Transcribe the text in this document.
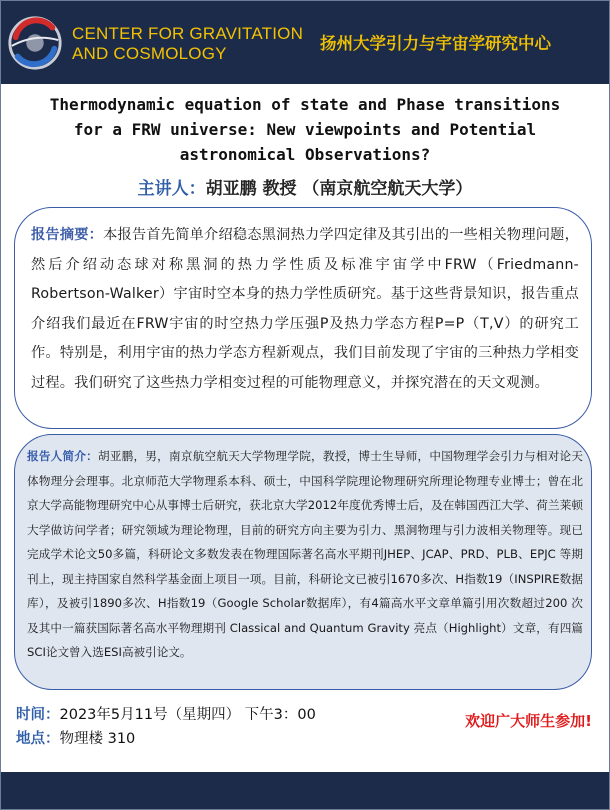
CENTER FOR GRAVITATION
AND COSMOLOGY
扬州大学引力与宇宙学研究中心
Thermodynamic equation of state and Phase transitions
for a FRW universe: New viewpoints and Potential
astronomical Observations?
主讲人：胡亚鹏 教授 （南京航空航天大学）
报告摘要：本报告首先简单介绍稳态黑洞热力学四定律及其引出的一些相关物理问题，然后介绍动态球对称黑洞的热力学性质及标准宇宙学中FRW（Friedmann-Robertson-Walker）宇宙时空本身的热力学性质研究。基于这些背景知识，报告重点介绍我们最近在FRW宇宙的时空热力学压强P及热力学态方程P=P（T,V）的研究工作。特别是，利用宇宙的热力学态方程新观点，我们目前发现了宇宙的三种热力学相变过程。我们研究了这些热力学相变过程的可能物理意义，并探究潜在的天文观测。
报告人简介：胡亚鹏，男，南京航空航天大学物理学院，教授，博士生导师，中国物理学会引力与相对论天体物理分会理事。北京师范大学物理系本科、硕士，中国科学院理论物理研究所理论物理专业博士；曾在北京大学高能物理研究中心从事博士后研究，获北京大学2012年度优秀博士后，及在韩国西江大学、荷兰莱顿大学做访问学者；研究领域为理论物理，目前的研究方向主要为引力、黑洞物理与引力波相关物理等。现已完成学术论文50多篇，科研论文多数发表在物理国际著名高水平期刊JHEP、JCAP、PRD、PLB、EPJC 等期刊上，现主持国家自然科学基金面上项目一项。目前，科研论文已被引1670多次、H指数19（INSPIRE数据库），及被引1890多次、H指数19（Google Scholar数据库），有4篇高水平文章单篇引用次数超过200 次及其中一篇获国际著名高水平物理期刊 Classical and Quantum Gravity 亮点（Highlight）文章，有四篇SCI论文曾入选ESI高被引论文。
时间：2023年5月11号（星期四） 下午3：00
地点：物理楼 310
欢迎广大师生参加!
